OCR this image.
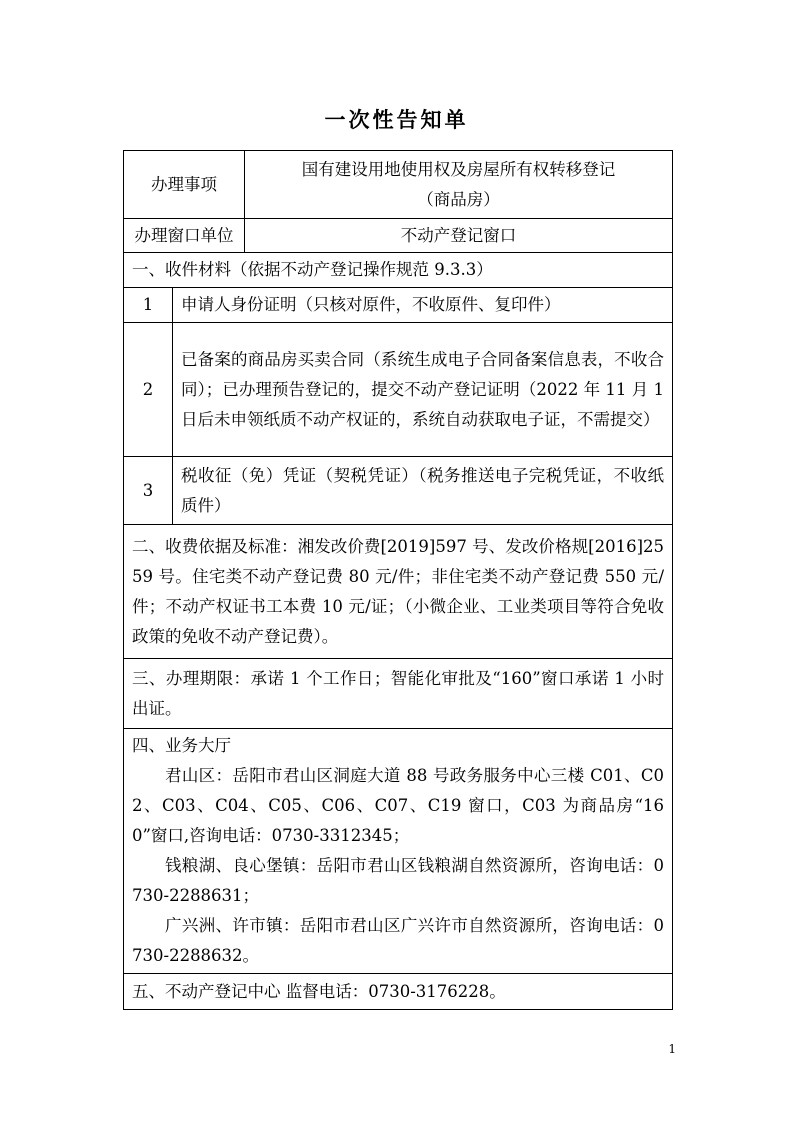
一次性告知单
办理事项		国有建设用地使用权及房屋所有权转移登记
（商品房）

办理窗口单位		不动产登记窗口
一、收件材料（依据不动产登记操作规范 9.3.3）		
1	申请人身份证明（只核对原件，不收原件、复印件）	
2	已备案的商品房买卖合同（系统生成电子合同备案信息表，不收合同）；已办理预告登记的，提交不动产登记证明（2022 年 11 月 1 日后未申领纸质不动产权证的，系统自动获取电子证，不需提交）	
3	税收征（免）凭证（契税凭证）（税务推送电子完税凭证，不收纸质件）	
二、收费依据及标准：湘发改价费[2019]597 号、发改价格规[2016]2559 号。住宅类不动产登记费 80 元/件；非住宅类不动产登记费 550 元/件；不动产权证书工本费 10 元/证；（小微企业、工业类项目等符合免收政策的免收不动产登记费）。		
三、办理期限：承诺 1 个工作日；智能化审批及“160”窗口承诺 1 小时出证。		

四、业务大厅

君山区：岳阳市君山区洞庭大道 88 号政务服务中心三楼 C01、C02、C03、C04、C05、C06、C07、C19 窗口，C03 为商品房“160”窗口,咨询电话：0730-3312345；

钱粮湖、良心堡镇：岳阳市君山区钱粮湖自然资源所，咨询电话：0730-2288631；

广兴洲、许市镇：岳阳市君山区广兴许市自然资源所，咨询电话：0730-2288632。		

五、不动产登记中心 监督电话：0730-3176228。		
1
